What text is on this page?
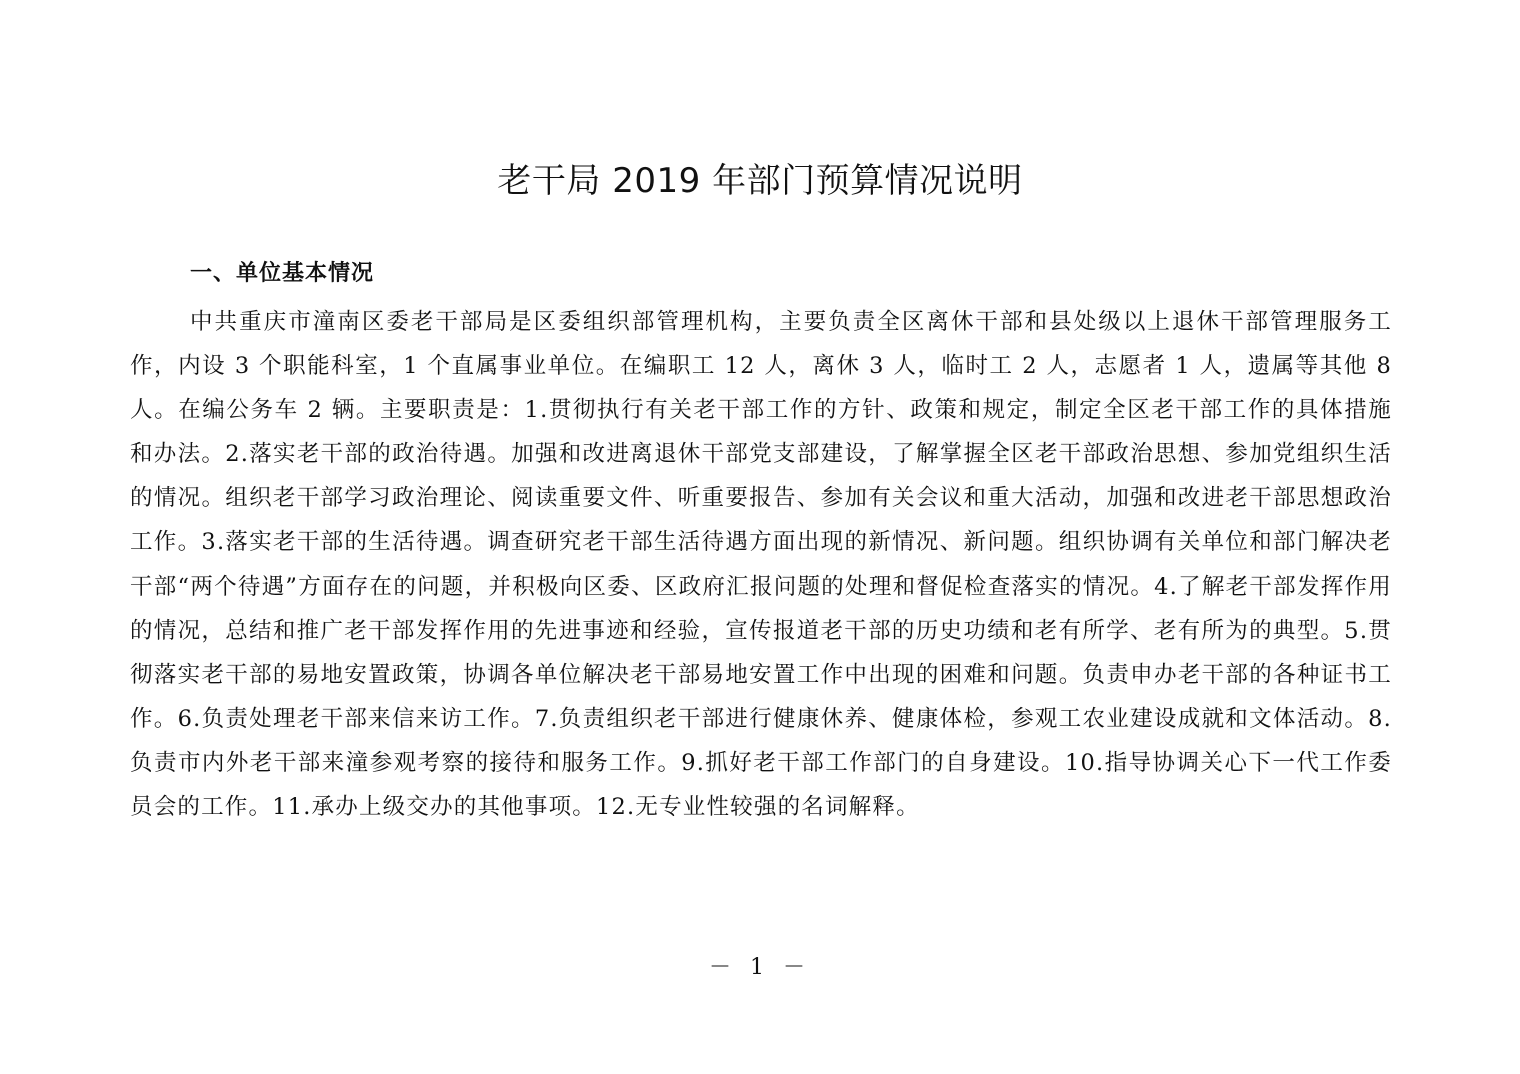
老干局 2019 年部门预算情况说明
一、单位基本情况

中共重庆市潼南区委老干部局是区委组织部管理机构，主要负责全区离休干部和县处级以上退休干部管理服务工作，内设 3 个职能科室，1 个直属事业单位。在编职工 12 人，离休 3 人，临时工 2 人，志愿者 1 人，遗属等其他 8 人。在编公务车 2 辆。主要职责是：1.贯彻执行有关老干部工作的方针、政策和规定，制定全区老干部工作的具体措施和办法。2.落实老干部的政治待遇。加强和改进离退休干部党支部建设，了解掌握全区老干部政治思想、参加党组织生活的情况。组织老干部学习政治理论、阅读重要文件、听重要报告、参加有关会议和重大活动，加强和改进老干部思想政治工作。3.落实老干部的生活待遇。调查研究老干部生活待遇方面出现的新情况、新问题。组织协调有关单位和部门解决老干部“两个待遇”方面存在的问题，并积极向区委、区政府汇报问题的处理和督促检查落实的情况。4.了解老干部发挥作用的情况，总结和推广老干部发挥作用的先进事迹和经验，宣传报道老干部的历史功绩和老有所学、老有所为的典型。5.贯彻落实老干部的易地安置政策，协调各单位解决老干部易地安置工作中出现的困难和问题。负责申办老干部的各种证书工作。6.负责处理老干部来信来访工作。7.负责组织老干部进行健康休养、健康体检，参观工农业建设成就和文体活动。8.负责市内外老干部来潼参观考察的接待和服务工作。9.抓好老干部工作部门的自身建设。10.指导协调关心下一代工作委员会的工作。11.承办上级交办的其他事项。12.无专业性较强的名词解释。

－ 1 －
